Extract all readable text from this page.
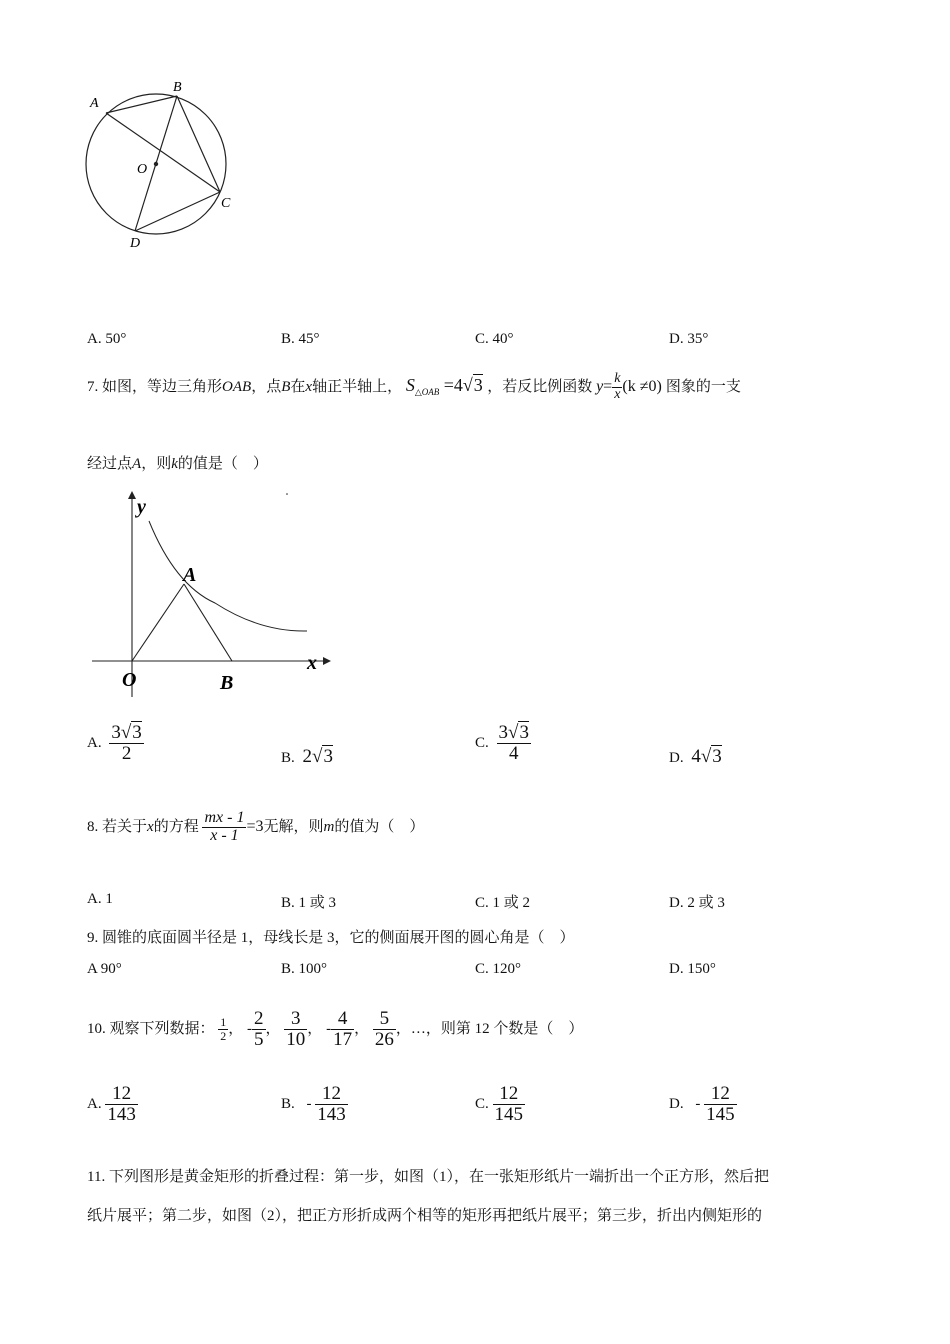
A
B
O
C
D
A. 50°	B. 45°	C. 40°	D. 35°
7. 如图，等边三角形OAB，点B在x轴正半轴上， $S_{\triangle OAB} =4√3$ ，若反比例函数 $y= \frac{k}{x} (k \ne 0)$ 图象的一支
经过点A，则k的值是（　）
y
A
x
O	B
A. $\frac{3√3}{2}$	B. 2√3
C. $\frac{3√3}{4}$	D. 4√3
8. 若关于x的方程 $\frac{mx - 1}{x - 1} =3$无解，则m的值为（　）
A. 1	B. 1 或 3	C. 1 或 2	D. 2 或 3
9. 圆锥的底面圆半径是 1，母线长是 3，它的侧面展开图的圆心角是（　）
A 90°	B. 100°	C. 120°	D. 150°
10. 观察下列数据： $\frac{1}{2}$ ， - $\frac{2}{5}$ ， $\frac{3}{10}$ ， - $\frac{4}{17}$ ， $\frac{5}{26}$ ，…，则第 12 个数是（　）
A. $\frac{12}{143}$	B. - $\frac{12}{143}$	C. $\frac{12}{145}$	D. - $\frac{12}{145}$
11. 下列图形是黄金矩形的折叠过程：第一步，如图（1），在一张矩形纸片一端折出一个正方形，然后把
纸片展平；第二步，如图（2），把正方形折成两个相等的矩形再把纸片展平；第三步，折出内侧矩形的
